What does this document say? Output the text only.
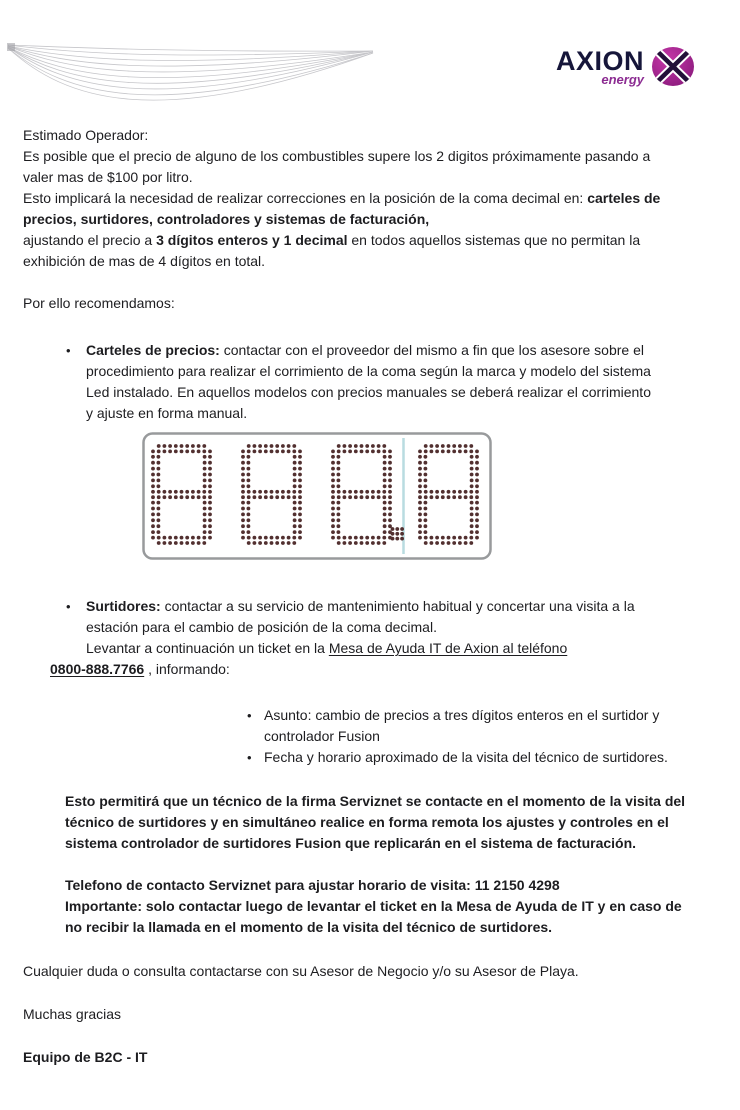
AXION
energy
Estimado Operador:
Es posible que el precio de alguno de los combustibles supere los 2 digitos próximamente pasando a
valer mas de $100 por litro.
Esto implicará la necesidad de realizar correcciones en la posición de la coma decimal en: carteles de
precios, surtidores, controladores y sistemas de facturación,
ajustando el precio a 3 dígitos enteros y 1 decimal en todos aquellos sistemas que no permitan la
exhibición de mas de 4 dígitos en total.
Por ello recomendamos:
• Carteles de precios: contactar con el proveedor del mismo a fin que los asesore sobre el
procedimiento para realizar el corrimiento de la coma según la marca y modelo del sistema
Led instalado. En aquellos modelos con precios manuales se deberá realizar el corrimiento
y ajuste en forma manual.
• Surtidores: contactar a su servicio de mantenimiento habitual y concertar una visita a la
estación para el cambio de posición de la coma decimal.
Levantar a continuación un ticket en la Mesa de Ayuda IT de Axion al teléfono
0800-888.7766 , informando:
• Asunto: cambio de precios a tres dígitos enteros en el surtidor y
controlador Fusion
• Fecha y horario aproximado de la visita del técnico de surtidores.
Esto permitirá que un técnico de la firma Serviznet se contacte en el momento de la visita del
técnico de surtidores y en simultáneo realice en forma remota los ajustes y controles en el
sistema controlador de surtidores Fusion que replicarán en el sistema de facturación.
Telefono de contacto Serviznet para ajustar horario de visita: 11 2150 4298
Importante: solo contactar luego de levantar el ticket en la Mesa de Ayuda de IT y en caso de
no recibir la llamada en el momento de la visita del técnico de surtidores.
Cualquier duda o consulta contactarse con su Asesor de Negocio y/o su Asesor de Playa.
Muchas gracias
Equipo de B2C - IT
